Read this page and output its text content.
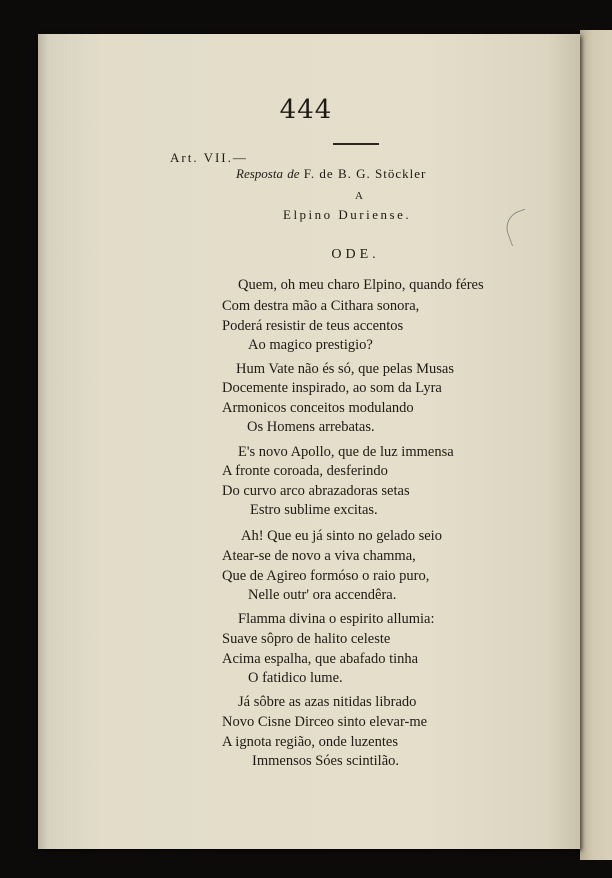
444
Art. VII.—
Resposta de F. de B. G. Stöckler
A
Elpino Duriense.
ODE.
Quem, oh meu charo Elpino, quando féres
Com destra mão a Cithara sonora,
Poderá resistir de teus accentos
Ao magico prestigio?
Hum Vate não és só, que pelas Musas
Docemente inspirado, ao som da Lyra
Armonicos conceitos modulando
Os Homens arrebatas.
E's novo Apollo, que de luz immensa
A fronte coroada, desferindo
Do curvo arco abrazadoras setas
Estro sublime excitas.
Ah! Que eu já sinto no gelado seio
Atear-se de novo a viva chamma,
Que de Agireo formóso o raio puro,
Nelle outr' ora accendêra.
Flamma divina o espirito allumia:
Suave sôpro de halito celeste
Acima espalha, que abafado tinha
O fatidico lume.
Já sôbre as azas nitidas librado
Novo Cisne Dirceo sinto elevar-me
A ignota região, onde luzentes
Immensos Sóes scintilão.
